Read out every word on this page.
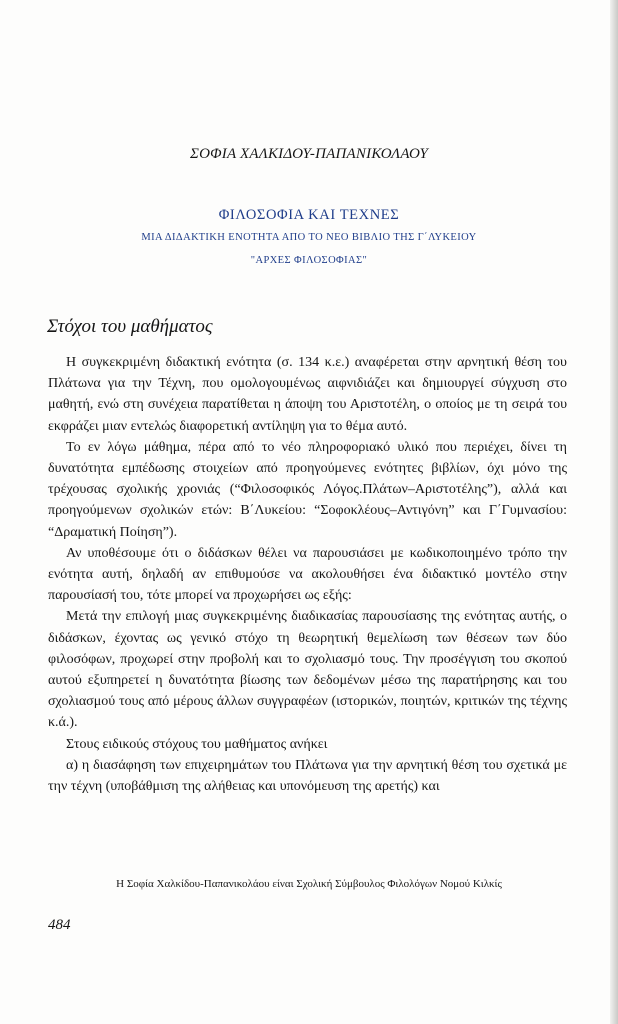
ΣΟΦΙΑ ΧΑΛΚΙΔΟΥ-ΠΑΠΑΝΙΚΟΛΑΟΥ
ΦΙΛΟΣΟΦΙΑ ΚΑΙ ΤΕΧΝΕΣ
ΜΙΑ ΔΙΔΑΚΤΙΚΗ ΕΝΟΤΗΤΑ ΑΠΟ ΤΟ ΝΕΟ ΒΙΒΛΙΟ ΤΗΣ Γ΄ΛΥΚΕΙΟΥ
"ΑΡΧΕΣ ΦΙΛΟΣΟΦΙΑΣ"
Στόχοι του μαθήματος

Η συγκεκριμένη διδακτική ενότητα (σ. 134 κ.ε.) αναφέρεται στην αρνητική θέση του Πλάτωνα για την Τέχνη, που ομολογουμένως αιφνιδιάζει και δημιουργεί σύγχυση στο μαθητή, ενώ στη συνέχεια παρατίθεται η άποψη του Αριστοτέλη, ο οποίος με τη σειρά του εκφράζει μιαν εντελώς διαφορετική αντίληψη για το θέμα αυτό.

Το εν λόγω μάθημα, πέρα από το νέο πληροφοριακό υλικό που περιέχει, δίνει τη δυνατότητα εμπέδωσης στοιχείων από προηγούμενες ενότητες βιβλίων, όχι μόνο της τρέχουσας σχολικής χρονιάς (“Φιλοσοφικός Λόγος.Πλάτων–Αριστοτέλης”), αλλά και προηγούμενων σχολικών ετών: Β΄Λυκείου: “Σοφοκλέους–Αντιγόνη” και Γ΄Γυμνασίου: “Δραματική Ποίηση”).

Αν υποθέσουμε ότι ο διδάσκων θέλει να παρουσιάσει με κωδικοποιημένο τρόπο την ενότητα αυτή, δηλαδή αν επιθυμούσε να ακολουθήσει ένα διδακτικό μοντέλο στην παρουσίασή του, τότε μπορεί να προχωρήσει ως εξής:

Μετά την επιλογή μιας συγκεκριμένης διαδικασίας παρουσίασης της ενότητας αυτής, ο διδάσκων, έχοντας ως γενικό στόχο τη θεωρητική θεμελίωση των θέσεων των δύο φιλοσόφων, προχωρεί στην προβολή και το σχολιασμό τους. Την προσέγγιση του σκοπού αυτού εξυπηρετεί η δυνατότητα βίωσης των δεδομένων μέσω της παρατήρησης και του σχολιασμού τους από μέρους άλλων συγγραφέων (ιστορικών, ποιητών, κριτικών της τέχνης κ.ά.).

Στους ειδικούς στόχους του μαθήματος ανήκει

α) η διασάφηση των επιχειρημάτων του Πλάτωνα για την αρνητική θέση του σχετικά με την τέχνη (υποβάθμιση της αλήθειας και υπονόμευση της αρετής) και

Η Σοφία Χαλκίδου-Παπανικολάου είναι Σχολική Σύμβουλος Φιλολόγων Νομού Κιλκίς
484
